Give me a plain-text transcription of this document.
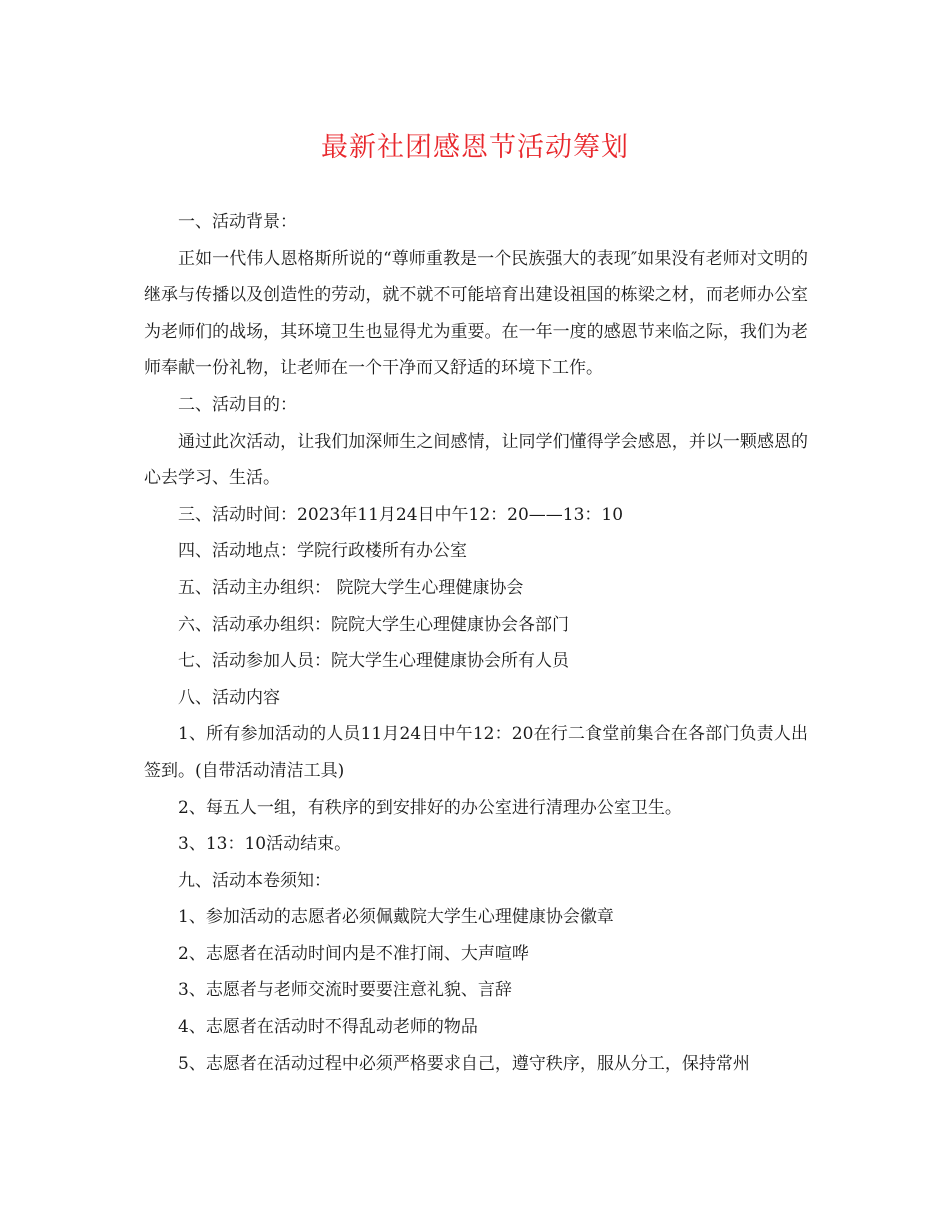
最新社团感恩节活动筹划

一、活动背景：

正如一代伟人恩格斯所说的“尊师重教是一个民族强大的表现″如果没有老师对文明的继承与传播以及创造性的劳动，就不就不可能培育出建设祖国的栋梁之材，而老师办公室为老师们的战场，其环境卫生也显得尤为重要。在一年一度的感恩节来临之际，我们为老师奉献一份礼物，让老师在一个干净而又舒适的环境下工作。

二、活动目的：

通过此次活动，让我们加深师生之间感情，让同学们懂得学会感恩，并以一颗感恩的心去学习、生活。

三、活动时间：2023年11月24日中午12：20——13：10

四、活动地点：学院行政楼所有办公室

五、活动主办组织： 院院大学生心理健康协会

六、活动承办组织：院院大学生心理健康协会各部门

七、活动参加人员：院大学生心理健康协会所有人员

八、活动内容

1、所有参加活动的人员11月24日中午12：20在行二食堂前集合在各部门负责人出签到。(自带活动清洁工具)

2、每五人一组，有秩序的到安排好的办公室进行清理办公室卫生。

3、13：10活动结束。

九、活动本卷须知：

1、参加活动的志愿者必须佩戴院大学生心理健康协会徽章

2、志愿者在活动时间内是不准打闹、大声喧哗

3、志愿者与老师交流时要要注意礼貌、言辞

4、志愿者在活动时不得乱动老师的物品

5、志愿者在活动过程中必须严格要求自己，遵守秩序，服从分工，保持常州
